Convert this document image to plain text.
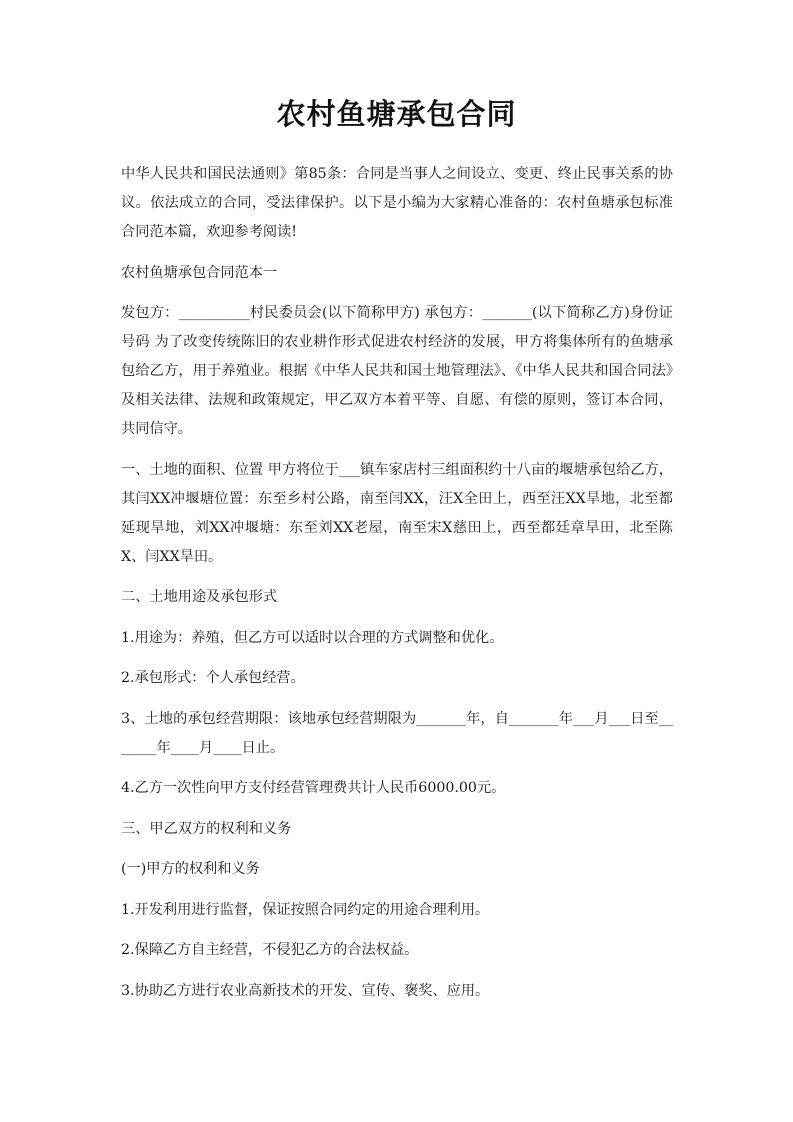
农村鱼塘承包合同

中华人民共和国民法通则》第85条：合同是当事人之间设立、变更、终止民事关系的协议。依法成立的合同，受法律保护。以下是小编为大家精心准备的：农村鱼塘承包标准合同范本篇，欢迎参考阅读!

农村鱼塘承包合同范本一

发包方：__________村民委员会(以下简称甲方) 承包方：_______(以下简称乙方)身份证号码 为了改变传统陈旧的农业耕作形式促进农村经济的发展，甲方将集体所有的鱼塘承包给乙方，用于养殖业。根据《中华人民共和国土地管理法》、《中华人民共和国合同法》及相关法律、法规和政策规定，甲乙双方本着平等、自愿、有偿的原则，签订本合同，共同信守。

一、土地的面积、位置 甲方将位于___镇车家店村三组面积约十八亩的堰塘承包给乙方，其闫XX冲堰塘位置：东至乡村公路，南至闫XX，汪X全田上，西至汪XX旱地，北至都延现旱地，刘XX冲堰塘：东至刘XX老屋，南至宋X慈田上，西至都廷章旱田，北至陈X、闫XX旱田。

二、土地用途及承包形式

1.用途为：养殖，但乙方可以适时以合理的方式调整和优化。

2.承包形式：个人承包经营。

3、土地的承包经营期限：该地承包经营期限为_______年，自_______年___月___日至_______年____月____日止。

4.乙方一次性向甲方支付经营管理费共计人民币6000.00元。

三、甲乙双方的权利和义务

(一)甲方的权利和义务

1.开发利用进行监督，保证按照合同约定的用途合理利用。

2.保障乙方自主经营，不侵犯乙方的合法权益。

3.协助乙方进行农业高新技术的开发、宣传、褒奖、应用。
